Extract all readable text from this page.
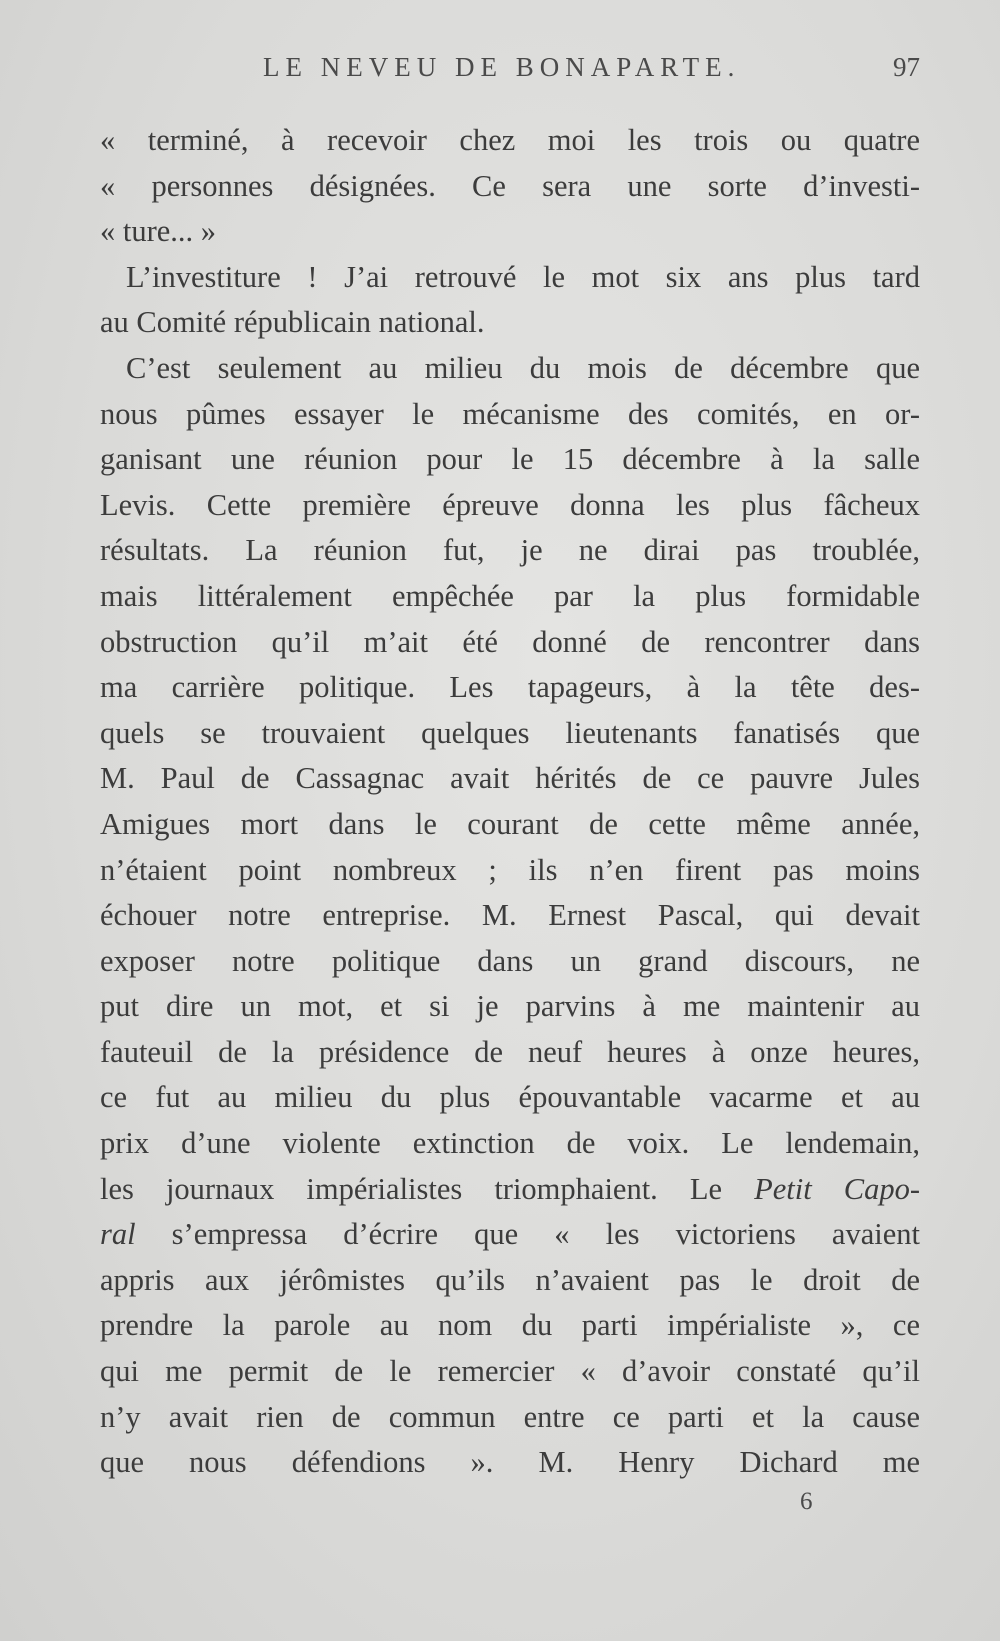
LE NEVEU DE BONAPARTE.	97
« terminé, à recevoir chez moi les trois ou quatre
« personnes désignées. Ce sera une sorte d’investi-
« ture... »
L’investiture ! J’ai retrouvé le mot six ans plus tard
au Comité républicain national.
C’est seulement au milieu du mois de décembre que
nous pûmes essayer le mécanisme des comités, en or-
ganisant une réunion pour le 15 décembre à la salle
Levis. Cette première épreuve donna les plus fâcheux
résultats. La réunion fut, je ne dirai pas troublée,
mais littéralement empêchée par la plus formidable
obstruction qu’il m’ait été donné de rencontrer dans
ma carrière politique. Les tapageurs, à la tête des-
quels se trouvaient quelques lieutenants fanatisés que
M. Paul de Cassagnac avait hérités de ce pauvre Jules
Amigues mort dans le courant de cette même année,
n’étaient point nombreux ; ils n’en firent pas moins
échouer notre entreprise. M. Ernest Pascal, qui devait
exposer notre politique dans un grand discours, ne
put dire un mot, et si je parvins à me maintenir au
fauteuil de la présidence de neuf heures à onze heures,
ce fut au milieu du plus épouvantable vacarme et au
prix d’une violente extinction de voix. Le lendemain,
les journaux impérialistes triomphaient. Le Petit Capo-
ral s’empressa d’écrire que « les victoriens avaient
appris aux jérômistes qu’ils n’avaient pas le droit de
prendre la parole au nom du parti impérialiste », ce
qui me permit de le remercier « d’avoir constaté qu’il
n’y avait rien de commun entre ce parti et la cause
que nous défendions ». M. Henry Dichard me
6
